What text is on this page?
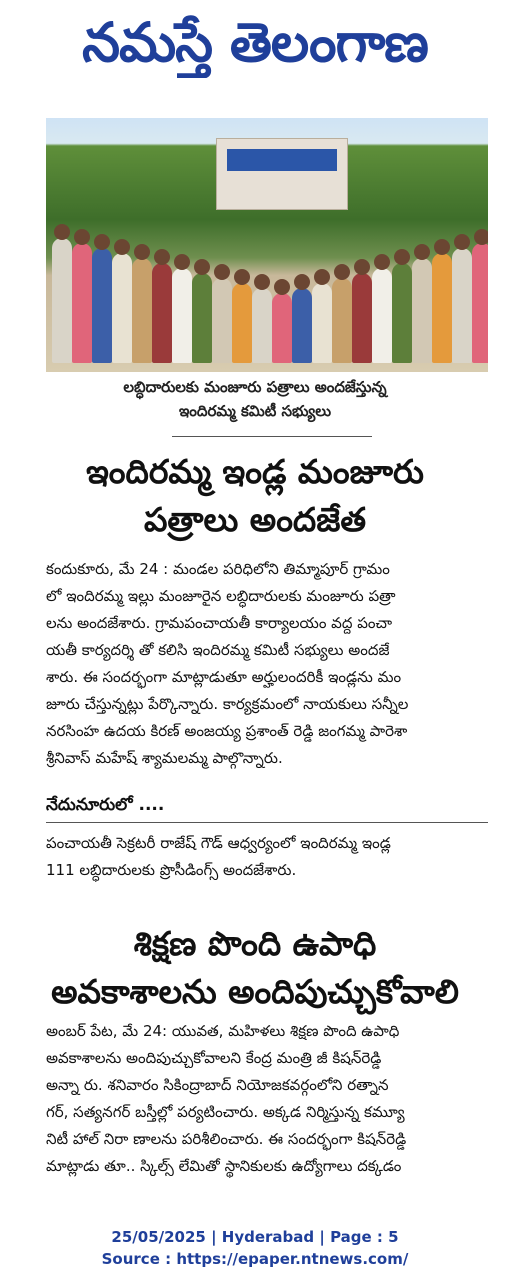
నమస్తే తెలంగాణ
లబ్ధిదారులకు మంజూరు పత్రాలు అందజేస్తున్న
ఇందిరమ్మ కమిటీ సభ్యులు
ఇందిరమ్మ ఇండ్ల మంజూరు
పత్రాలు అందజేత
కందుకూరు, మే 24 : మండల పరిధిలోని తిమ్మాపూర్ గ్రామం
లో ఇందిరమ్మ ఇల్లు మంజూరైన లబ్ధిదారులకు మంజూరు పత్రా
లను అందజేశారు. గ్రామపంచాయతీ కార్యాలయం వద్ద పంచా
యతీ కార్యదర్శి తో కలిసి ఇందిరమ్మ కమిటీ సభ్యులు అందజే
శారు. ఈ సందర్భంగా మాట్లాడుతూ అర్హులందరికీ ఇండ్లను మం
జూరు చేస్తున్నట్లు పేర్కొన్నారు. కార్యక్రమంలో నాయకులు సన్నీల
నరసింహ ఉదయ కిరణ్ అంజయ్య ప్రశాంత్ రెడ్డి జంగమ్మ పారెశా
శ్రీనివాస్ మహేష్ శ్యామలమ్మ పాల్గొన్నారు.
నేదునూరులో ....
పంచాయతీ సెక్రటరీ రాజేష్ గౌడ్ ఆధ్వర్యంలో ఇందిరమ్మ ఇండ్ల
111 లబ్ధిదారులకు ప్రొసీడింగ్స్ అందజేశారు.
శిక్షణ పొంది ఉపాధి
అవకాశాలను అందిపుచ్చుకోవాలి
అంబర్ పేట, మే 24: యువత, మహిళలు శిక్షణ పొంది ఉపాధి
అవకాశాలను అందిపుచ్చుకోవాలని కేంద్ర మంత్రి జీ కిషన్‌రెడ్డి
అన్నా రు. శనివారం సికింద్రాబాద్ నియోజకవర్గంలోని రత్నాన
గర్, సత్యనగర్ బస్తీల్లో పర్యటించారు. అక్కడ నిర్మిస్తున్న కమ్యూ
నిటీ హాల్ నిరా ణాలను పరిశీలించారు. ఈ సందర్భంగా కిషన్‌రెడ్డి
మాట్లాడు తూ.. స్కిల్స్ లేమితో స్థానికులకు ఉద్యోగాలు దక్కడం
25/05/2025 | Hyderabad | Page : 5
Source : https://epaper.ntnews.com/
